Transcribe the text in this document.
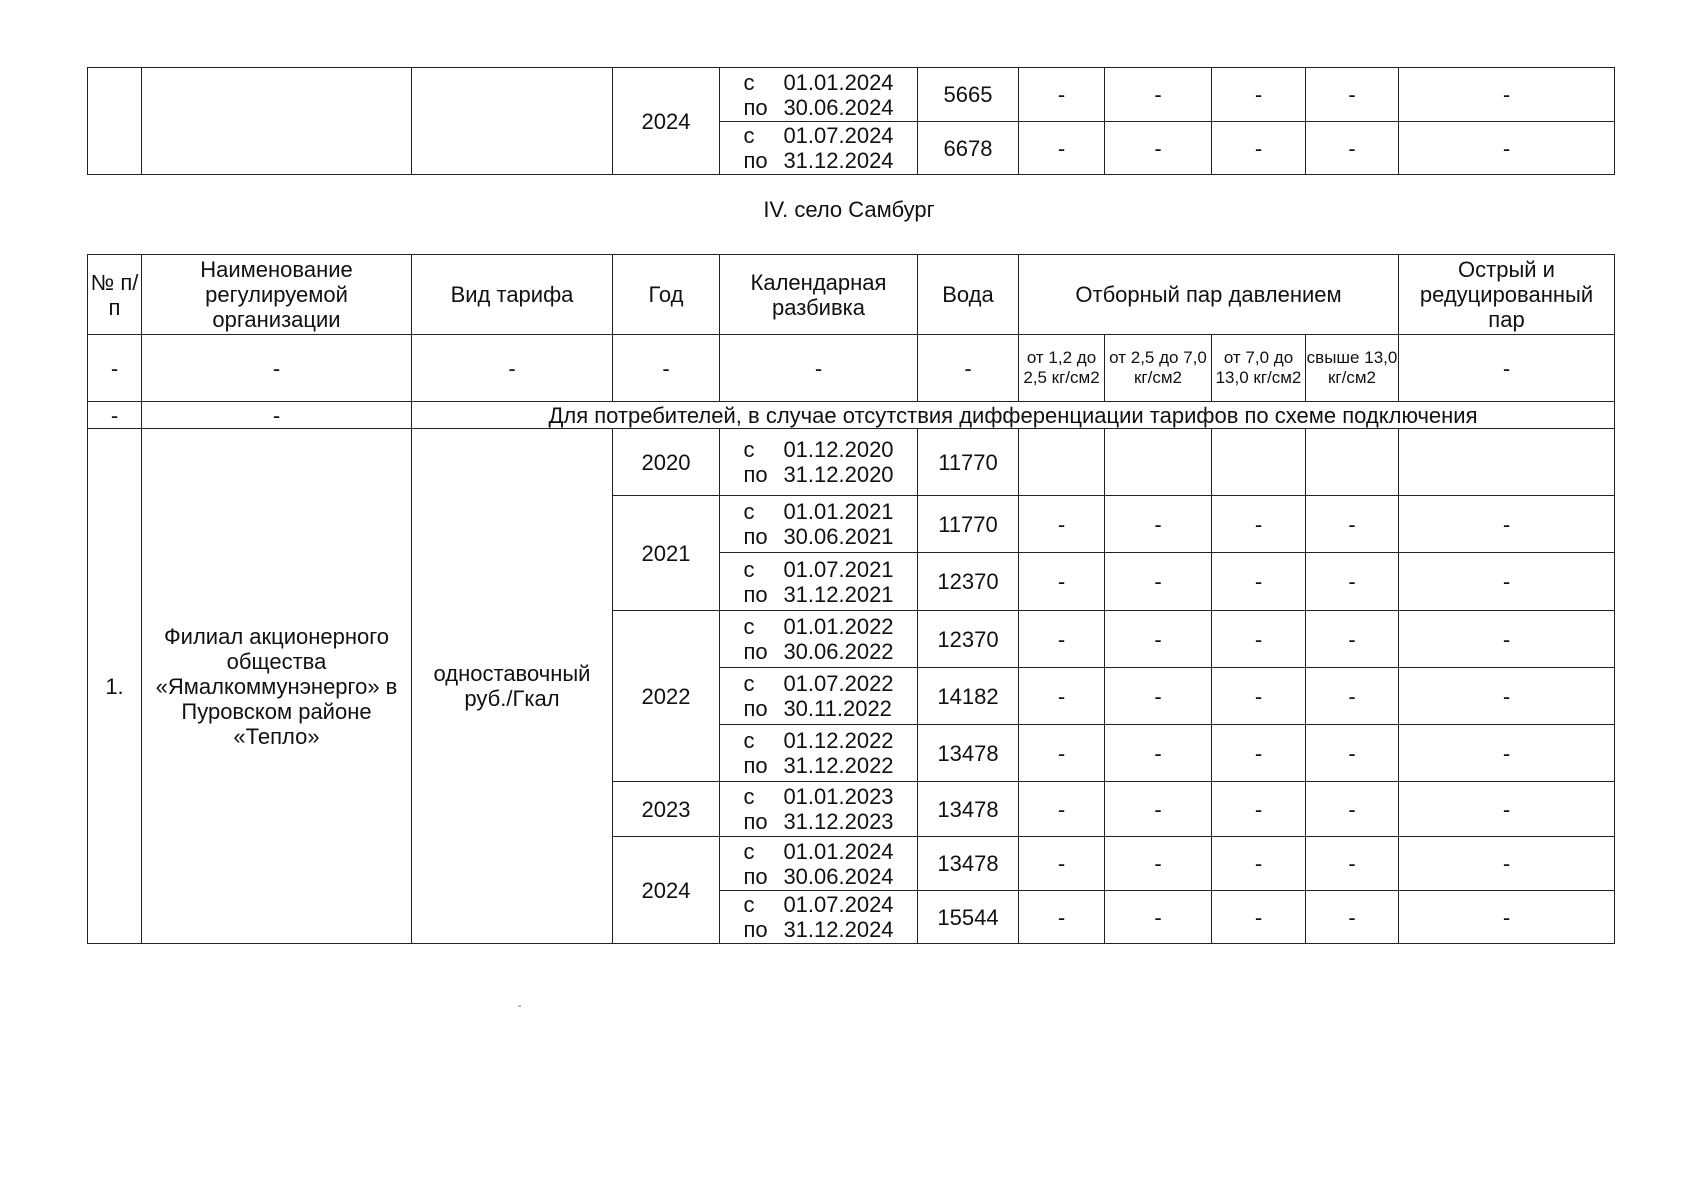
			2024	с 01.01.2024
по 30.06.2024	5665	-	-	-	-	-
				с 01.07.2024
по 31.12.2024	6678	-	-	-	-	-
IV. село Самбург
№ п/п	Наименование регулируемой организации	Вид тарифа	Год	Календарная разбивка	Вода	Отборный пар давлением				Острый и редуцированный пар
-	-	-	-	-	-	от 1,2 до 2,5 кг/см2	от 2,5 до 7,0 кг/см2	от 7,0 до 13,0 кг/см2	свыше 13,0 кг/см2	-
-	-	Для потребителей, в случае отсутствия дифференциации тарифов по схеме подключения								
1.	Филиал акционерного общества «Ямалкоммунэнерго» в Пуровском районе «Тепло»	одноставочный руб./Гкал	2020	с 01.12.2020
по 31.12.2020	11770					
			2021	с 01.01.2021
по 30.06.2021	11770	-	-	-	-	-
				с 01.07.2021
по 31.12.2021	12370	-	-	-	-	-
			2022	с 01.01.2022
по 30.06.2022	12370	-	-	-	-	-
				с 01.07.2022
по 30.11.2022	14182	-	-	-	-	-
				с 01.12.2022
по 31.12.2022	13478	-	-	-	-	-
			2023	с 01.01.2023
по 31.12.2023	13478	-	-	-	-	-
			2024	с 01.01.2024
по 30.06.2024	13478	-	-	-	-	-
				с 01.07.2024
по 31.12.2024	15544	-	-	-	-	-
-
